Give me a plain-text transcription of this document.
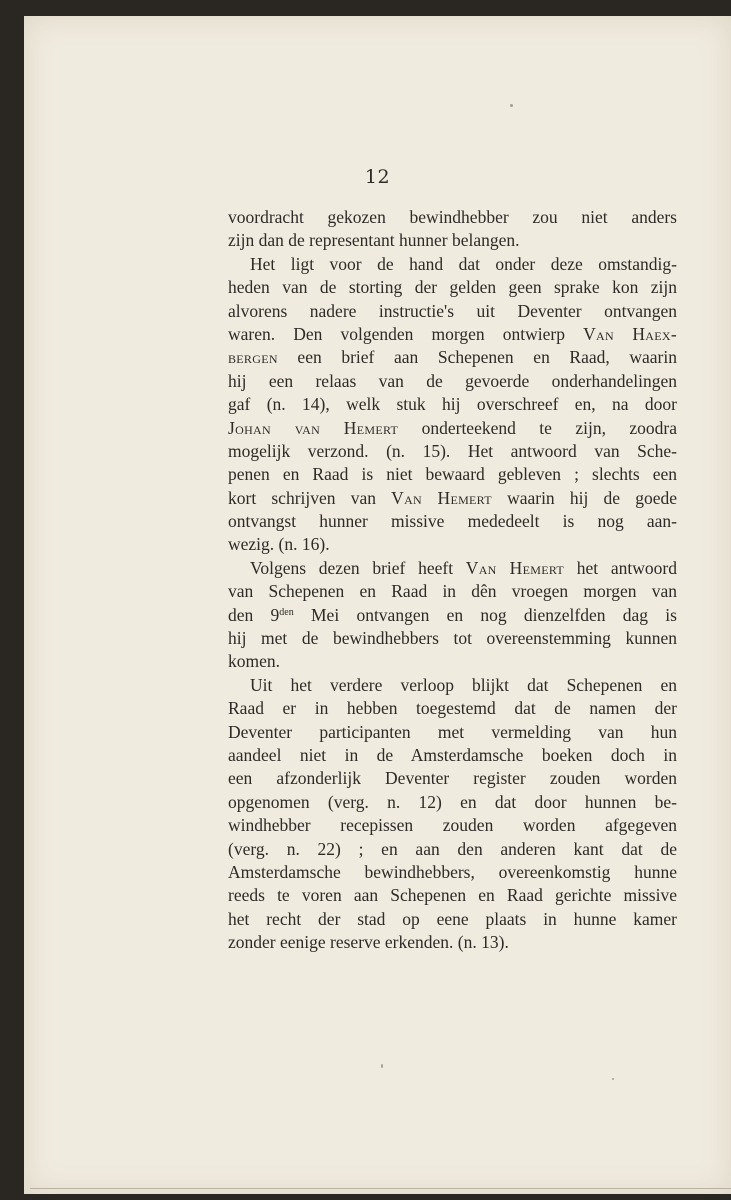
12
voordracht gekozen bewindhebber zou niet anders
zijn dan de representant hunner belangen.
Het ligt voor de hand dat onder deze omstandig-
heden van de storting der gelden geen sprake kon zijn
alvorens nadere instructie's uit Deventer ontvangen
waren. Den volgenden morgen ontwierp Van Haex-
bergen een brief aan Schepenen en Raad, waarin
hij een relaas van de gevoerde onderhandelingen
gaf (n. 14), welk stuk hij overschreef en, na door
Johan van Hemert onderteekend te zijn, zoodra
mogelijk verzond. (n. 15). Het antwoord van Sche-
penen en Raad is niet bewaard gebleven ; slechts een
kort schrijven van Van Hemert waarin hij de goede
ontvangst hunner missive mededeelt is nog aan-
wezig. (n. 16).
Volgens dezen brief heeft Van Hemert het antwoord
van Schepenen en Raad in dên vroegen morgen van
den $9^{den}$ Mei ontvangen en nog dienzelfden dag is
hij met de bewindhebbers tot overeenstemming kunnen
komen.
Uit het verdere verloop blijkt dat Schepenen en
Raad er in hebben toegestemd dat de namen der
Deventer participanten met vermelding van hun
aandeel niet in de Amsterdamsche boeken doch in
een afzonderlijk Deventer register zouden worden
opgenomen (verg. n. 12) en dat door hunnen be-
windhebber recepissen zouden worden afgegeven
(verg. n. 22) ; en aan den anderen kant dat de
Amsterdamsche bewindhebbers, overeenkomstig hunne
reeds te voren aan Schepenen en Raad gerichte missive
het recht der stad op eene plaats in hunne kamer
zonder eenige reserve erkenden. (n. 13).
